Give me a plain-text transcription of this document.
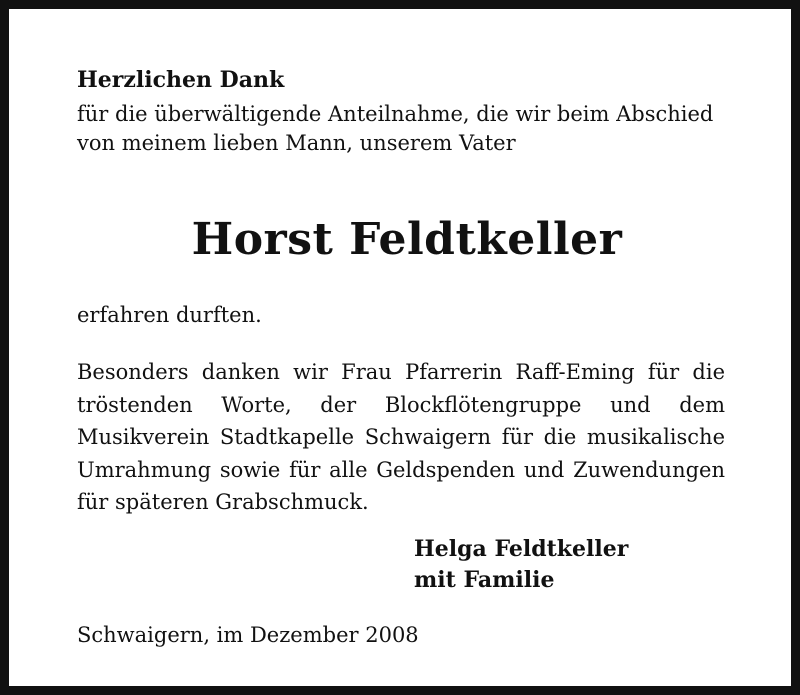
Herzlichen Dank

für die überwältigende Anteilnahme, die wir beim Abschied
von meinem lieben Mann, unserem Vater

Horst Feldtkeller
erfahren durften.

Besonders danken wir Frau Pfarrerin Raff-Eming für die tröstenden Worte, der Blockflötengruppe und dem Musikverein Stadtkapelle Schwaigern für die musikalische Umrahmung sowie für alle Geldspenden und Zuwendungen für späteren Grabschmuck.

Helga Feldtkeller
mit Familie
Schwaigern, im Dezember 2008
